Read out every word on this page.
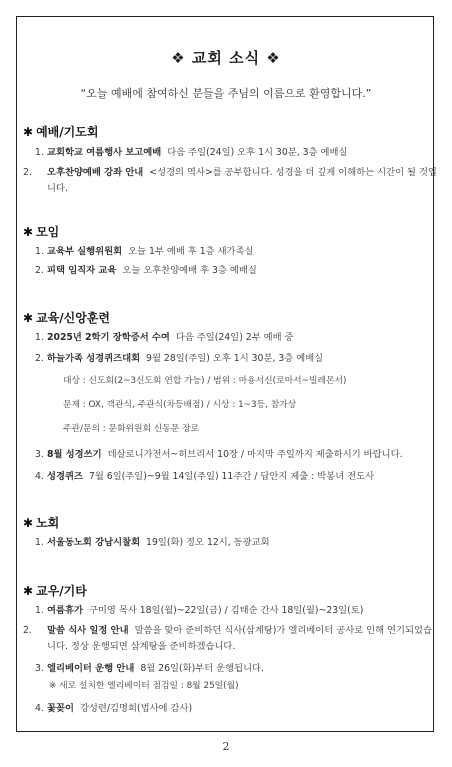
❖ 교회 소식 ❖
“오늘 예배에 참여하신 분들을 주님의 이름으로 환영합니다.”
✱ 예배/기도회
1. 교회학교 여름행사 보고예배 다음 주일(24일) 오후 1시 30분, 3층 예배실
2. 오후찬양예배 강좌 안내 <성경의 역사>를 공부합니다. 성경을 더 깊게 이해하는 시간이 될 것입니다.
✱ 모임
1. 교육부 실행위원회 오늘 1부 예배 후 1층 새가족실
2. 피택 임직자 교육 오늘 오후찬양예배 후 3층 예배실
✱ 교육/신앙훈련
1. 2025년 2학기 장학증서 수여 다음 주일(24일) 2부 예배 중
2. 하늘가족 성경퀴즈대회 9월 28일(주일) 오후 1시 30분, 3층 예배실
대상 : 신도회(2~3신도회 연합 가능) / 범위 : 마용서신(로마서~빌레몬서)
문제 : OX, 객관식, 주관식(차등배점) / 시상 : 1~3등, 참가상
주관/문의 : 문화위원회 신동문 장로
3. 8월 성경쓰기 데살로니가전서~히브리서 10장 / 마지막 주일까지 제출하시기 바랍니다.
4. 성경퀴즈 7월 6일(주일)~9월 14일(주일) 11주간 / 답안지 제출 : 박봉녀 전도사
✱ 노회
1. 서울동노회 강남시찰회 19일(화) 정오 12시, 동광교회
✱ 교우/기타
1. 여름휴가 구미영 목사 18일(월)~22일(금) / 김태순 간사 18일(월)~23일(토)
2. 말씀 식사 일정 안내 말씀을 맞아 준비하던 식사(삼계탕)가 엘리베이터 공사로 인해 연기되었습니다. 정상 운행되면 삼계탕을 준비하겠습니다.
3. 엘리베이터 운행 안내 8월 26일(화)부터 운행됩니다.
※ 새로 설치한 엘리베이터 점검일 : 8월 25일(월)
4. 꽃꽂이 강성련/김명희(법사에 감사)
2
